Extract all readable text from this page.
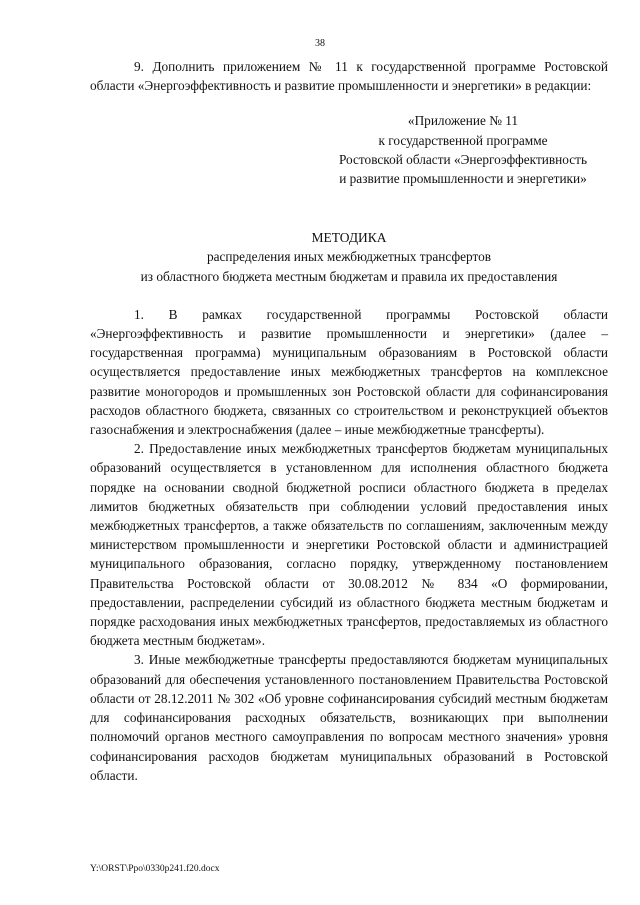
38

9. Дополнить приложением № 11 к государственной программе Ростовской области «Энергоэффективность и развитие промышленности и энергетики» в редакции:

«Приложение № 11
к государственной программе
Ростовской области «Энергоэффективность
и развитие промышленности и энергетики»
МЕТОДИКА
распределения иных межбюджетных трансфертов
из областного бюджета местным бюджетам и правила их предоставления

1. В рамках государственной программы Ростовской области «Энергоэффективность и развитие промышленности и энергетики» (далее – государственная программа) муниципальным образованиям в Ростовской области осуществляется предоставление иных межбюджетных трансфертов на комплексное развитие моногородов и промышленных зон Ростовской области для софинансирования расходов областного бюджета, связанных со строительством и реконструкцией объектов газоснабжения и электроснабжения (далее – иные межбюджетные трансферты).

2. Предоставление иных межбюджетных трансфертов бюджетам муниципальных образований осуществляется в установленном для исполнения областного бюджета порядке на основании сводной бюджетной росписи областного бюджета в пределах лимитов бюджетных обязательств при соблюдении условий предоставления иных межбюджетных трансфертов, а также обязательств по соглашениям, заключенным между министерством промышленности и энергетики Ростовской области и администрацией муниципального образования, согласно порядку, утвержденному постановлением Правительства Ростовской области от 30.08.2012 № 834 «О формировании, предоставлении, распределении субсидий из областного бюджета местным бюджетам и порядке расходования иных межбюджетных трансфертов, предоставляемых из областного бюджета местным бюджетам».

3. Иные межбюджетные трансферты предоставляются бюджетам муниципальных образований для обеспечения установленного постановлением Правительства Ростовской области от 28.12.2011 № 302 «Об уровне софинансирования субсидий местным бюджетам для софинансирования расходных обязательств, возникающих при выполнении полномочий органов местного самоуправления по вопросам местного значения» уровня софинансирования расходов бюджетам муниципальных образований в Ростовской области.

Y:\ORST\Ppo\0330p241.f20.docx
